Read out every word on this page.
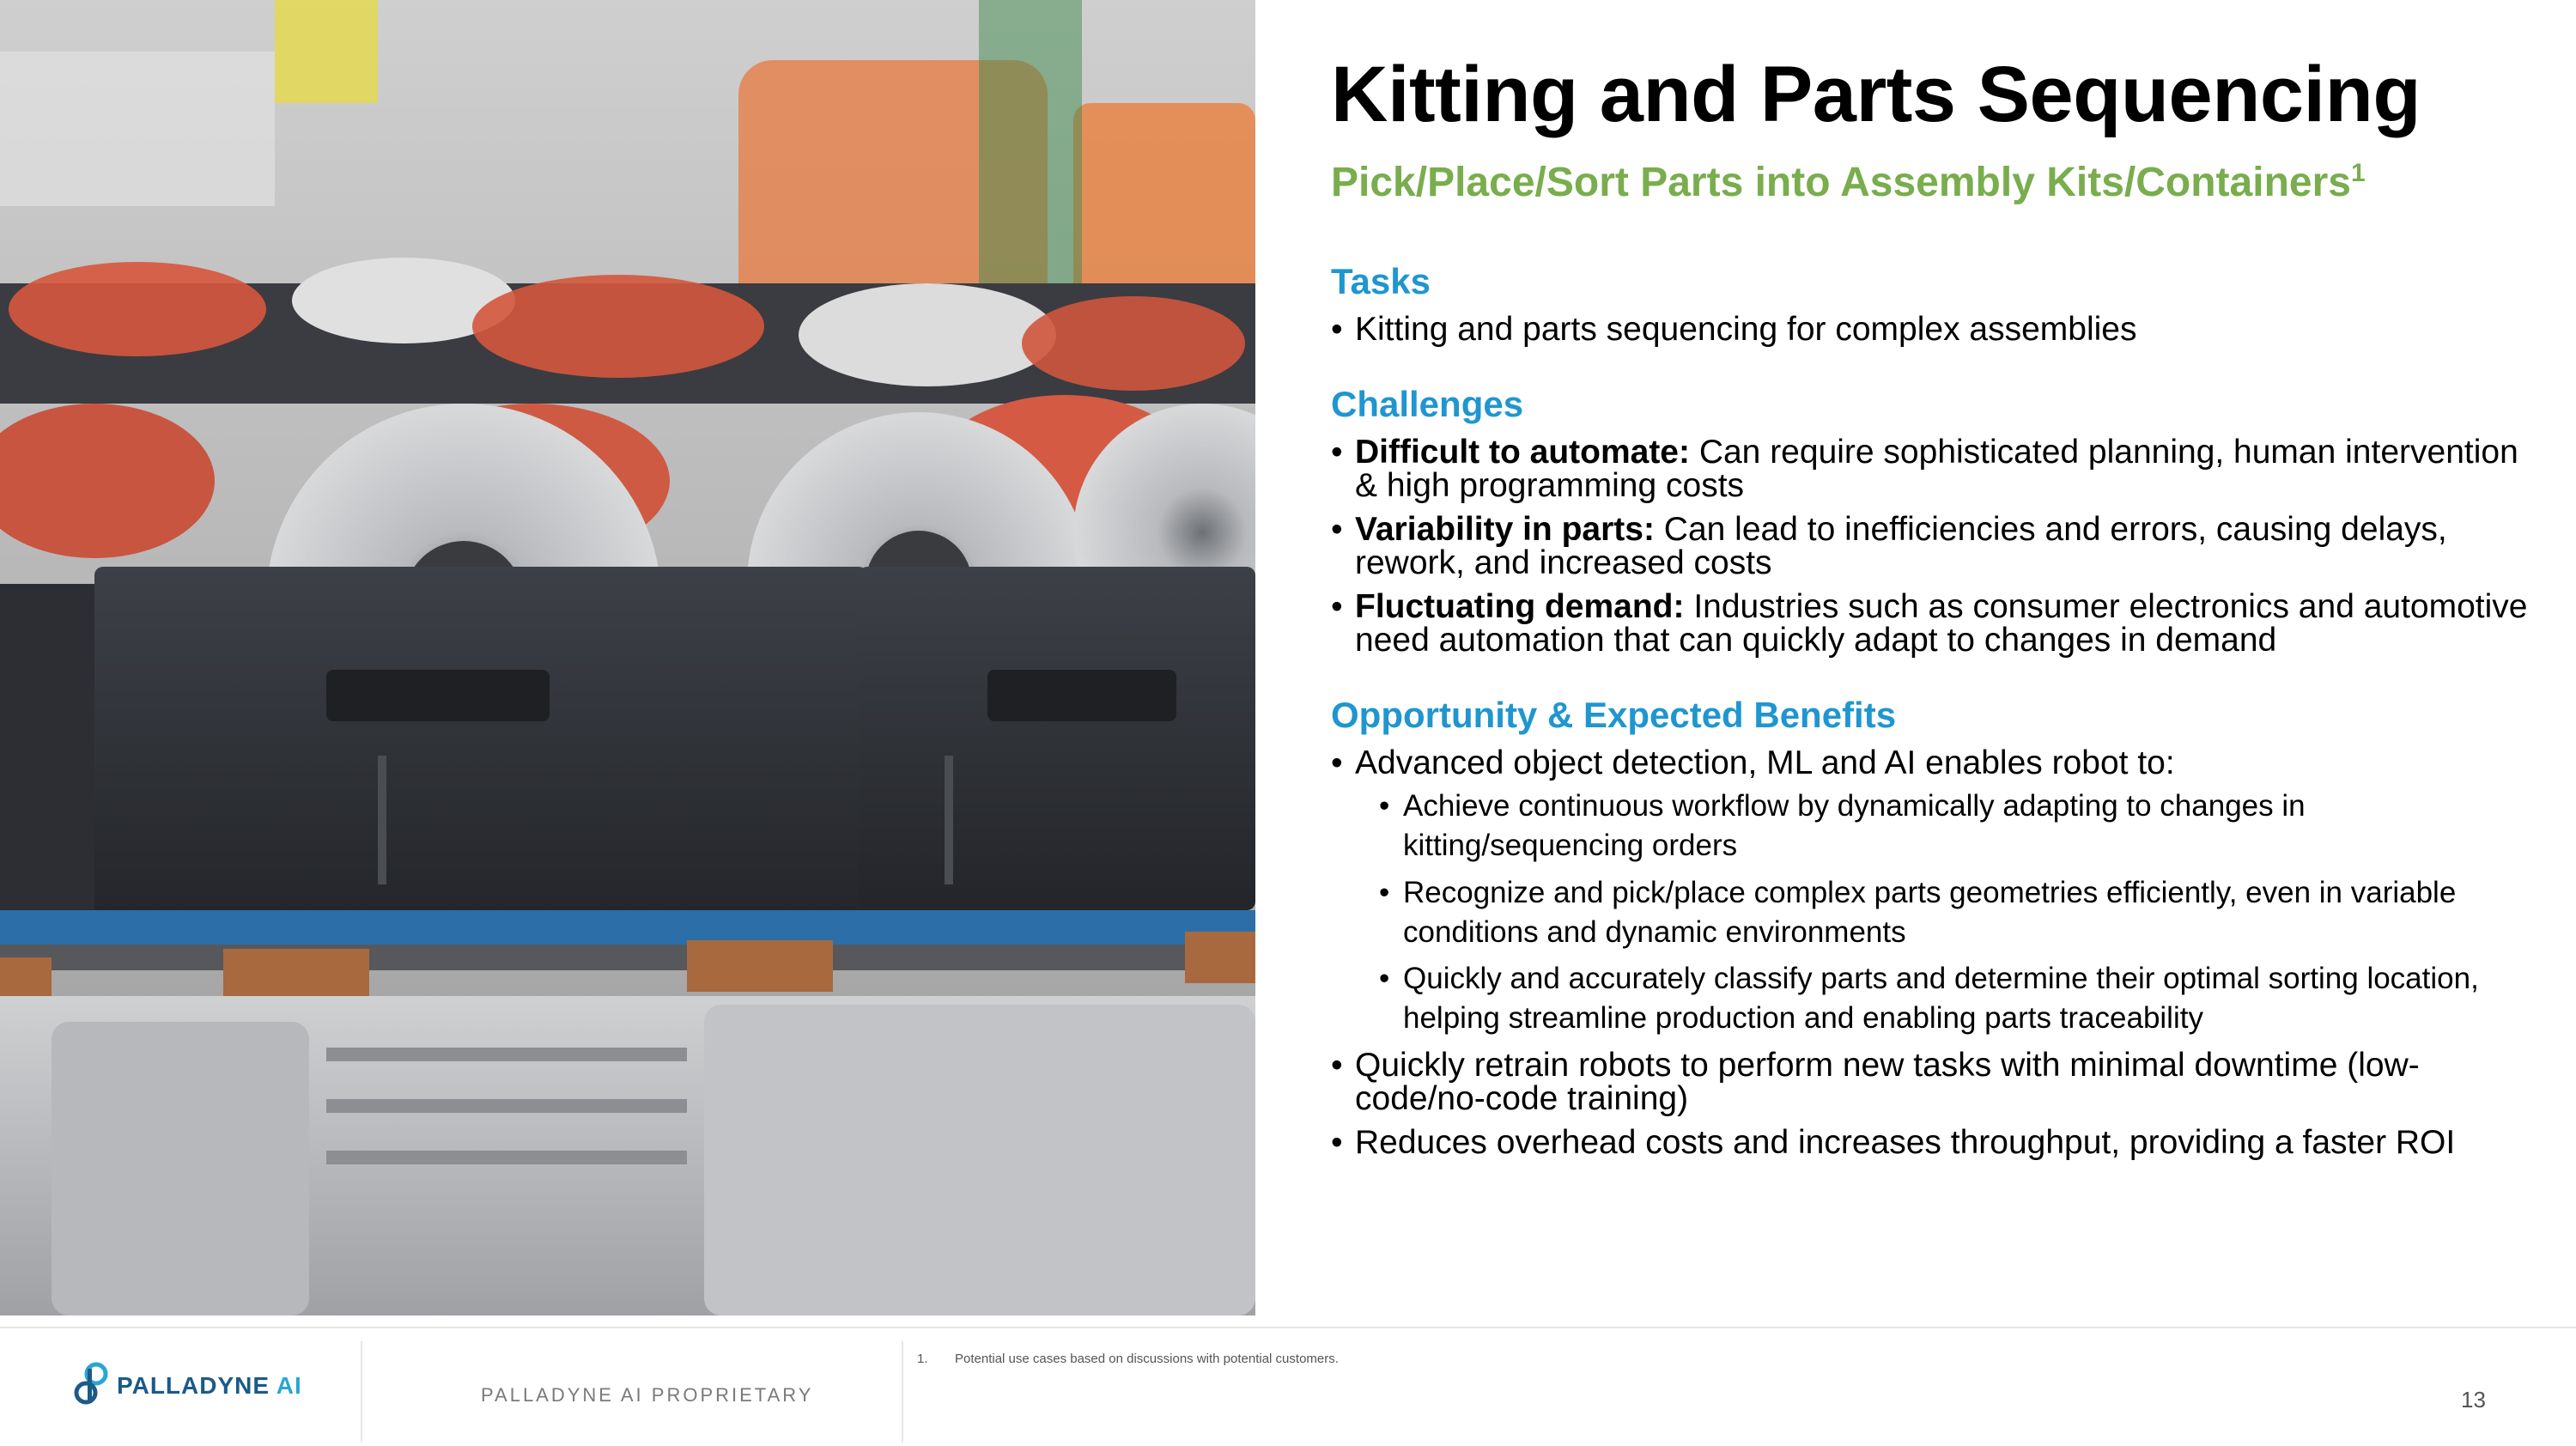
Kitting and Parts Sequencing
Pick/Place/Sort Parts into Assembly Kits/Containers$^1$
Tasks
• Kitting and parts sequencing for complex assemblies
Challenges
• Difficult to automate: Can require sophisticated planning, human intervention & high programming costs
• Variability in parts: Can lead to inefficiencies and errors, causing delays, rework, and increased costs
• Fluctuating demand: Industries such as consumer electronics and automotive need automation that can quickly adapt to changes in demand
Opportunity & Expected Benefits
• Advanced object detection, ML and AI enables robot to:
• Achieve continuous workflow by dynamically adapting to changes in kitting/sequencing orders
• Recognize and pick/place complex parts geometries efficiently, even in variable conditions and dynamic environments
• Quickly and accurately classify parts and determine their optimal sorting location, helping streamline production and enabling parts traceability
• Quickly retrain robots to perform new tasks with minimal downtime (low-code/no-code training)
• Reduces overhead costs and increases throughput, providing a faster ROI
PALLADYNE AI	PALLADYNE AI PROPRIETARY
1. Potential use cases based on discussions with potential customers.
13
